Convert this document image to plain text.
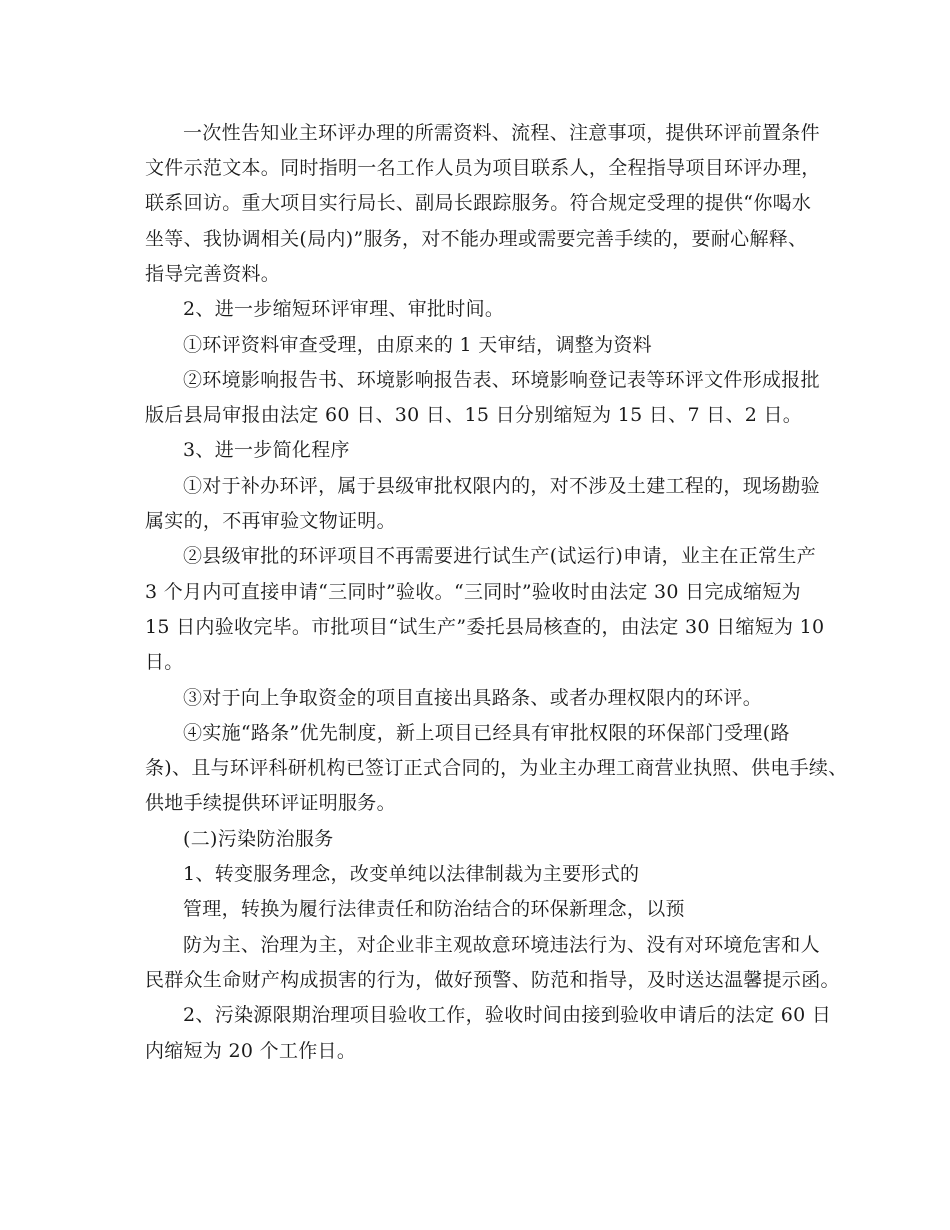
一次性告知业主环评办理的所需资料、流程、注意事项，提供环评前置条件
文件示范文本。同时指明一名工作人员为项目联系人，全程指导项目环评办理，
联系回访。重大项目实行局长、副局长跟踪服务。符合规定受理的提供“你喝水
坐等、我协调相关(局内)”服务，对不能办理或需要完善手续的，要耐心解释、
指导完善资料。
2、进一步缩短环评审理、审批时间。
①环评资料审查受理，由原来的 1 天审结，调整为资料
②环境影响报告书、环境影响报告表、环境影响登记表等环评文件形成报批
版后县局审报由法定 60 日、30 日、15 日分别缩短为 15 日、7 日、2 日。
3、进一步简化程序
①对于补办环评，属于县级审批权限内的，对不涉及土建工程的，现场勘验
属实的，不再审验文物证明。
②县级审批的环评项目不再需要进行试生产(试运行)申请，业主在正常生产
3 个月内可直接申请“三同时”验收。“三同时”验收时由法定 30 日完成缩短为
15 日内验收完毕。市批项目“试生产”委托县局核查的，由法定 30 日缩短为 10
日。
③对于向上争取资金的项目直接出具路条、或者办理权限内的环评。
④实施“路条”优先制度，新上项目已经具有审批权限的环保部门受理(路
条)、且与环评科研机构已签订正式合同的，为业主办理工商营业执照、供电手续、
供地手续提供环评证明服务。
(二)污染防治服务
1、转变服务理念，改变单纯以法律制裁为主要形式的
管理，转换为履行法律责任和防治结合的环保新理念，以预
防为主、治理为主，对企业非主观故意环境违法行为、没有对环境危害和人
民群众生命财产构成损害的行为，做好预警、防范和指导，及时送达温馨提示函。
2、污染源限期治理项目验收工作，验收时间由接到验收申请后的法定 60 日
内缩短为 20 个工作日。
